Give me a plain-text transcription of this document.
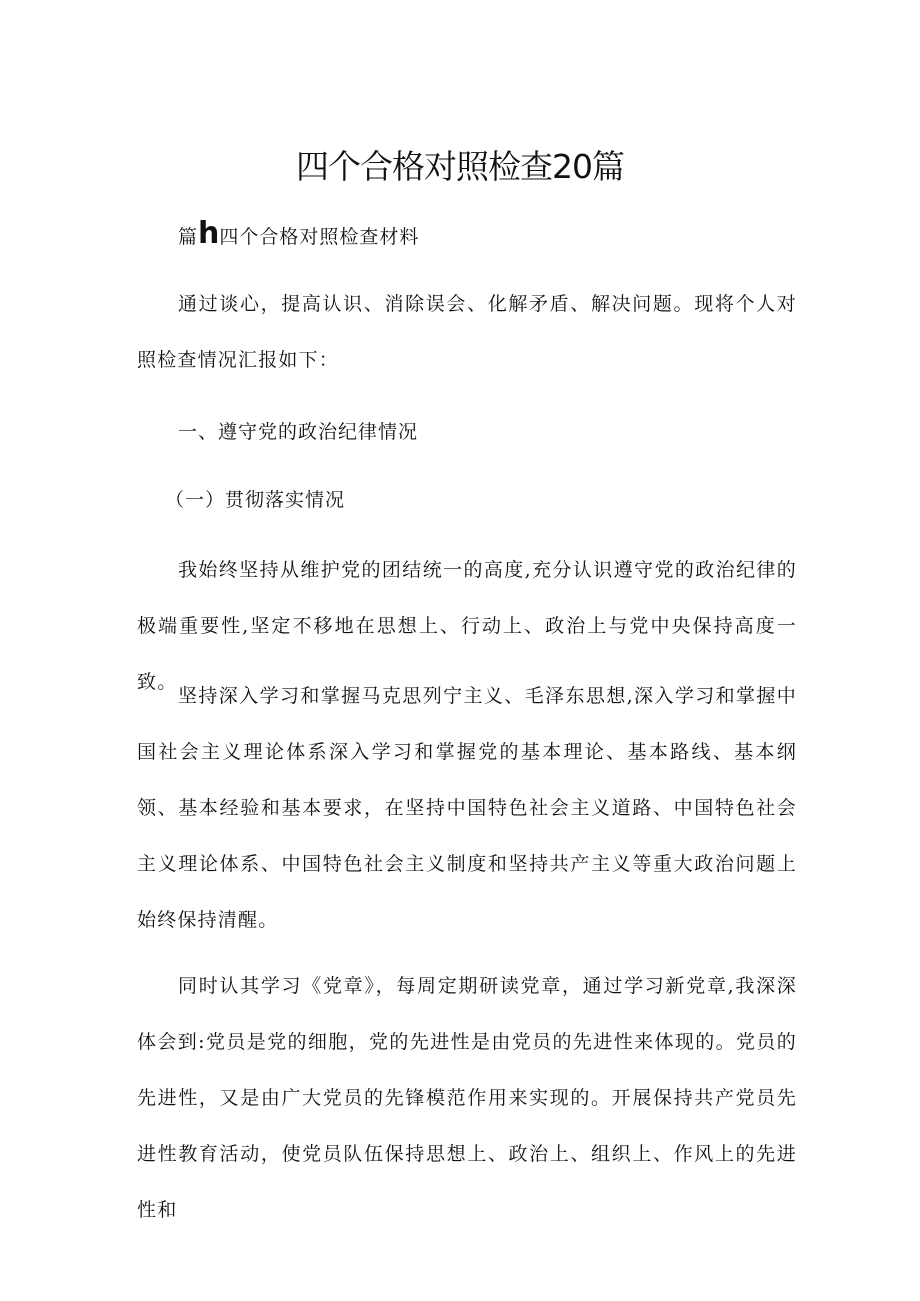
四个合格对照检查20篇
篇h四个合格对照检查材料

通过谈心，提高认识、消除误会、化解矛盾、解决问题。现将个人对照检查情况汇报如下：

一、遵守党的政治纪律情况

（一）贯彻落实情况

我始终坚持从维护党的团结统一的高度,充分认识遵守党的政治纪律的极端重要性,坚定不移地在思想上、行动上、政治上与党中央保持高度一致。

坚持深入学习和掌握马克思列宁主义、毛泽东思想,深入学习和掌握中国社会主义理论体系深入学习和掌握党的基本理论、基本路线、基本纲领、基本经验和基本要求，在坚持中国特色社会主义道路、中国特色社会主义理论体系、中国特色社会主义制度和坚持共产主义等重大政治问题上始终保持清醒。

同时认其学习《党章》，每周定期研读党章，通过学习新党章,我深深体会到:党员是党的细胞，党的先进性是由党员的先进性来体现的。党员的先进性，又是由广大党员的先锋模范作用来实现的。开展保持共产党员先进性教育活动，使党员队伍保持思想上、政治上、组织上、作风上的先进性和
